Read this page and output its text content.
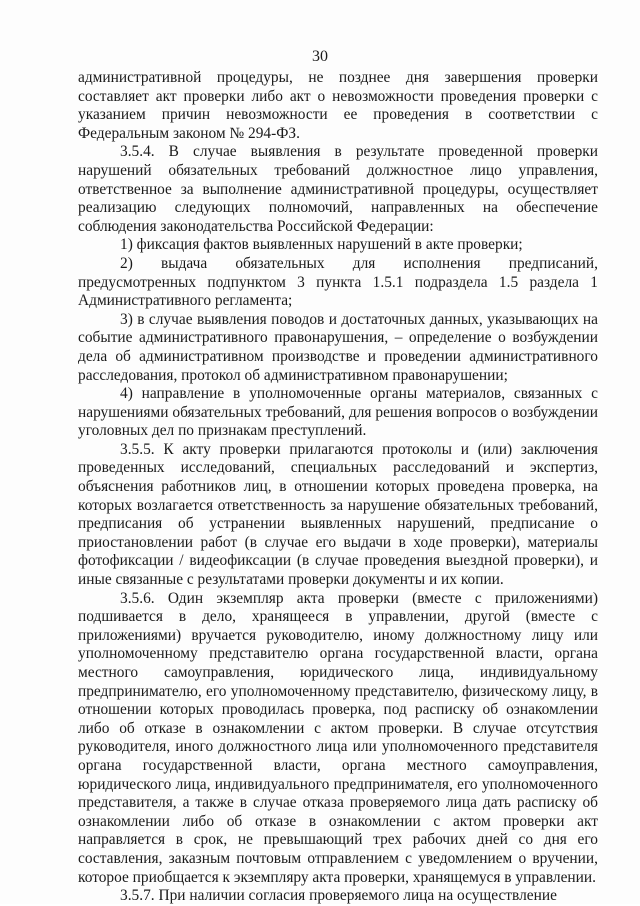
30

административной процедуры, не позднее дня завершения проверки составляет акт проверки либо акт о невозможности проведения проверки с указанием причин невозможности ее проведения в соответствии с Федеральным законом № 294-ФЗ.

3.5.4. В случае выявления в результате проведенной проверки нарушений обязательных требований должностное лицо управления, ответственное за выполнение административной процедуры, осуществляет реализацию следующих полномочий, направленных на обеспечение соблюдения законодательства Российской Федерации:

1) фиксация фактов выявленных нарушений в акте проверки;

2) выдача обязательных для исполнения предписаний, предусмотренных подпунктом 3 пункта 1.5.1 подраздела 1.5 раздела 1 Административного регламента;

3) в случае выявления поводов и достаточных данных, указывающих на событие административного правонарушения, – определение о возбуждении дела об административном производстве и проведении административного расследования, протокол об административном правонарушении;

4) направление в уполномоченные органы материалов, связанных с нарушениями обязательных требований, для решения вопросов о возбуждении уголовных дел по признакам преступлений.

3.5.5. К акту проверки прилагаются протоколы и (или) заключения проведенных исследований, специальных расследований и экспертиз, объяснения работников лиц, в отношении которых проведена проверка, на которых возлагается ответственность за нарушение обязательных требований, предписания об устранении выявленных нарушений, предписание о приостановлении работ (в случае его выдачи в ходе проверки), материалы фотофиксации / видеофиксации (в случае проведения выездной проверки), и иные связанные с результатами проверки документы и их копии.

3.5.6. Один экземпляр акта проверки (вместе с приложениями) подшивается в дело, хранящееся в управлении, другой (вместе с приложениями) вручается руководителю, иному должностному лицу или уполномоченному представителю органа государственной власти, органа местного самоуправления, юридического лица, индивидуальному предпринимателю, его уполномоченному представителю, физическому лицу, в отношении которых проводилась проверка, под расписку об ознакомлении либо об отказе в ознакомлении с актом проверки. В случае отсутствия руководителя, иного должностного лица или уполномоченного представителя органа государственной власти, органа местного самоуправления, юридического лица, индивидуального предпринимателя, его уполномоченного представителя, а также в случае отказа проверяемого лица дать расписку об ознакомлении либо об отказе в ознакомлении с актом проверки акт направляется в срок, не превышающий трех рабочих дней со дня его составления, заказным почтовым отправлением с уведомлением о вручении, которое приобщается к экземпляру акта проверки, хранящемуся в управлении.

3.5.7. При наличии согласия проверяемого лица на осуществление
